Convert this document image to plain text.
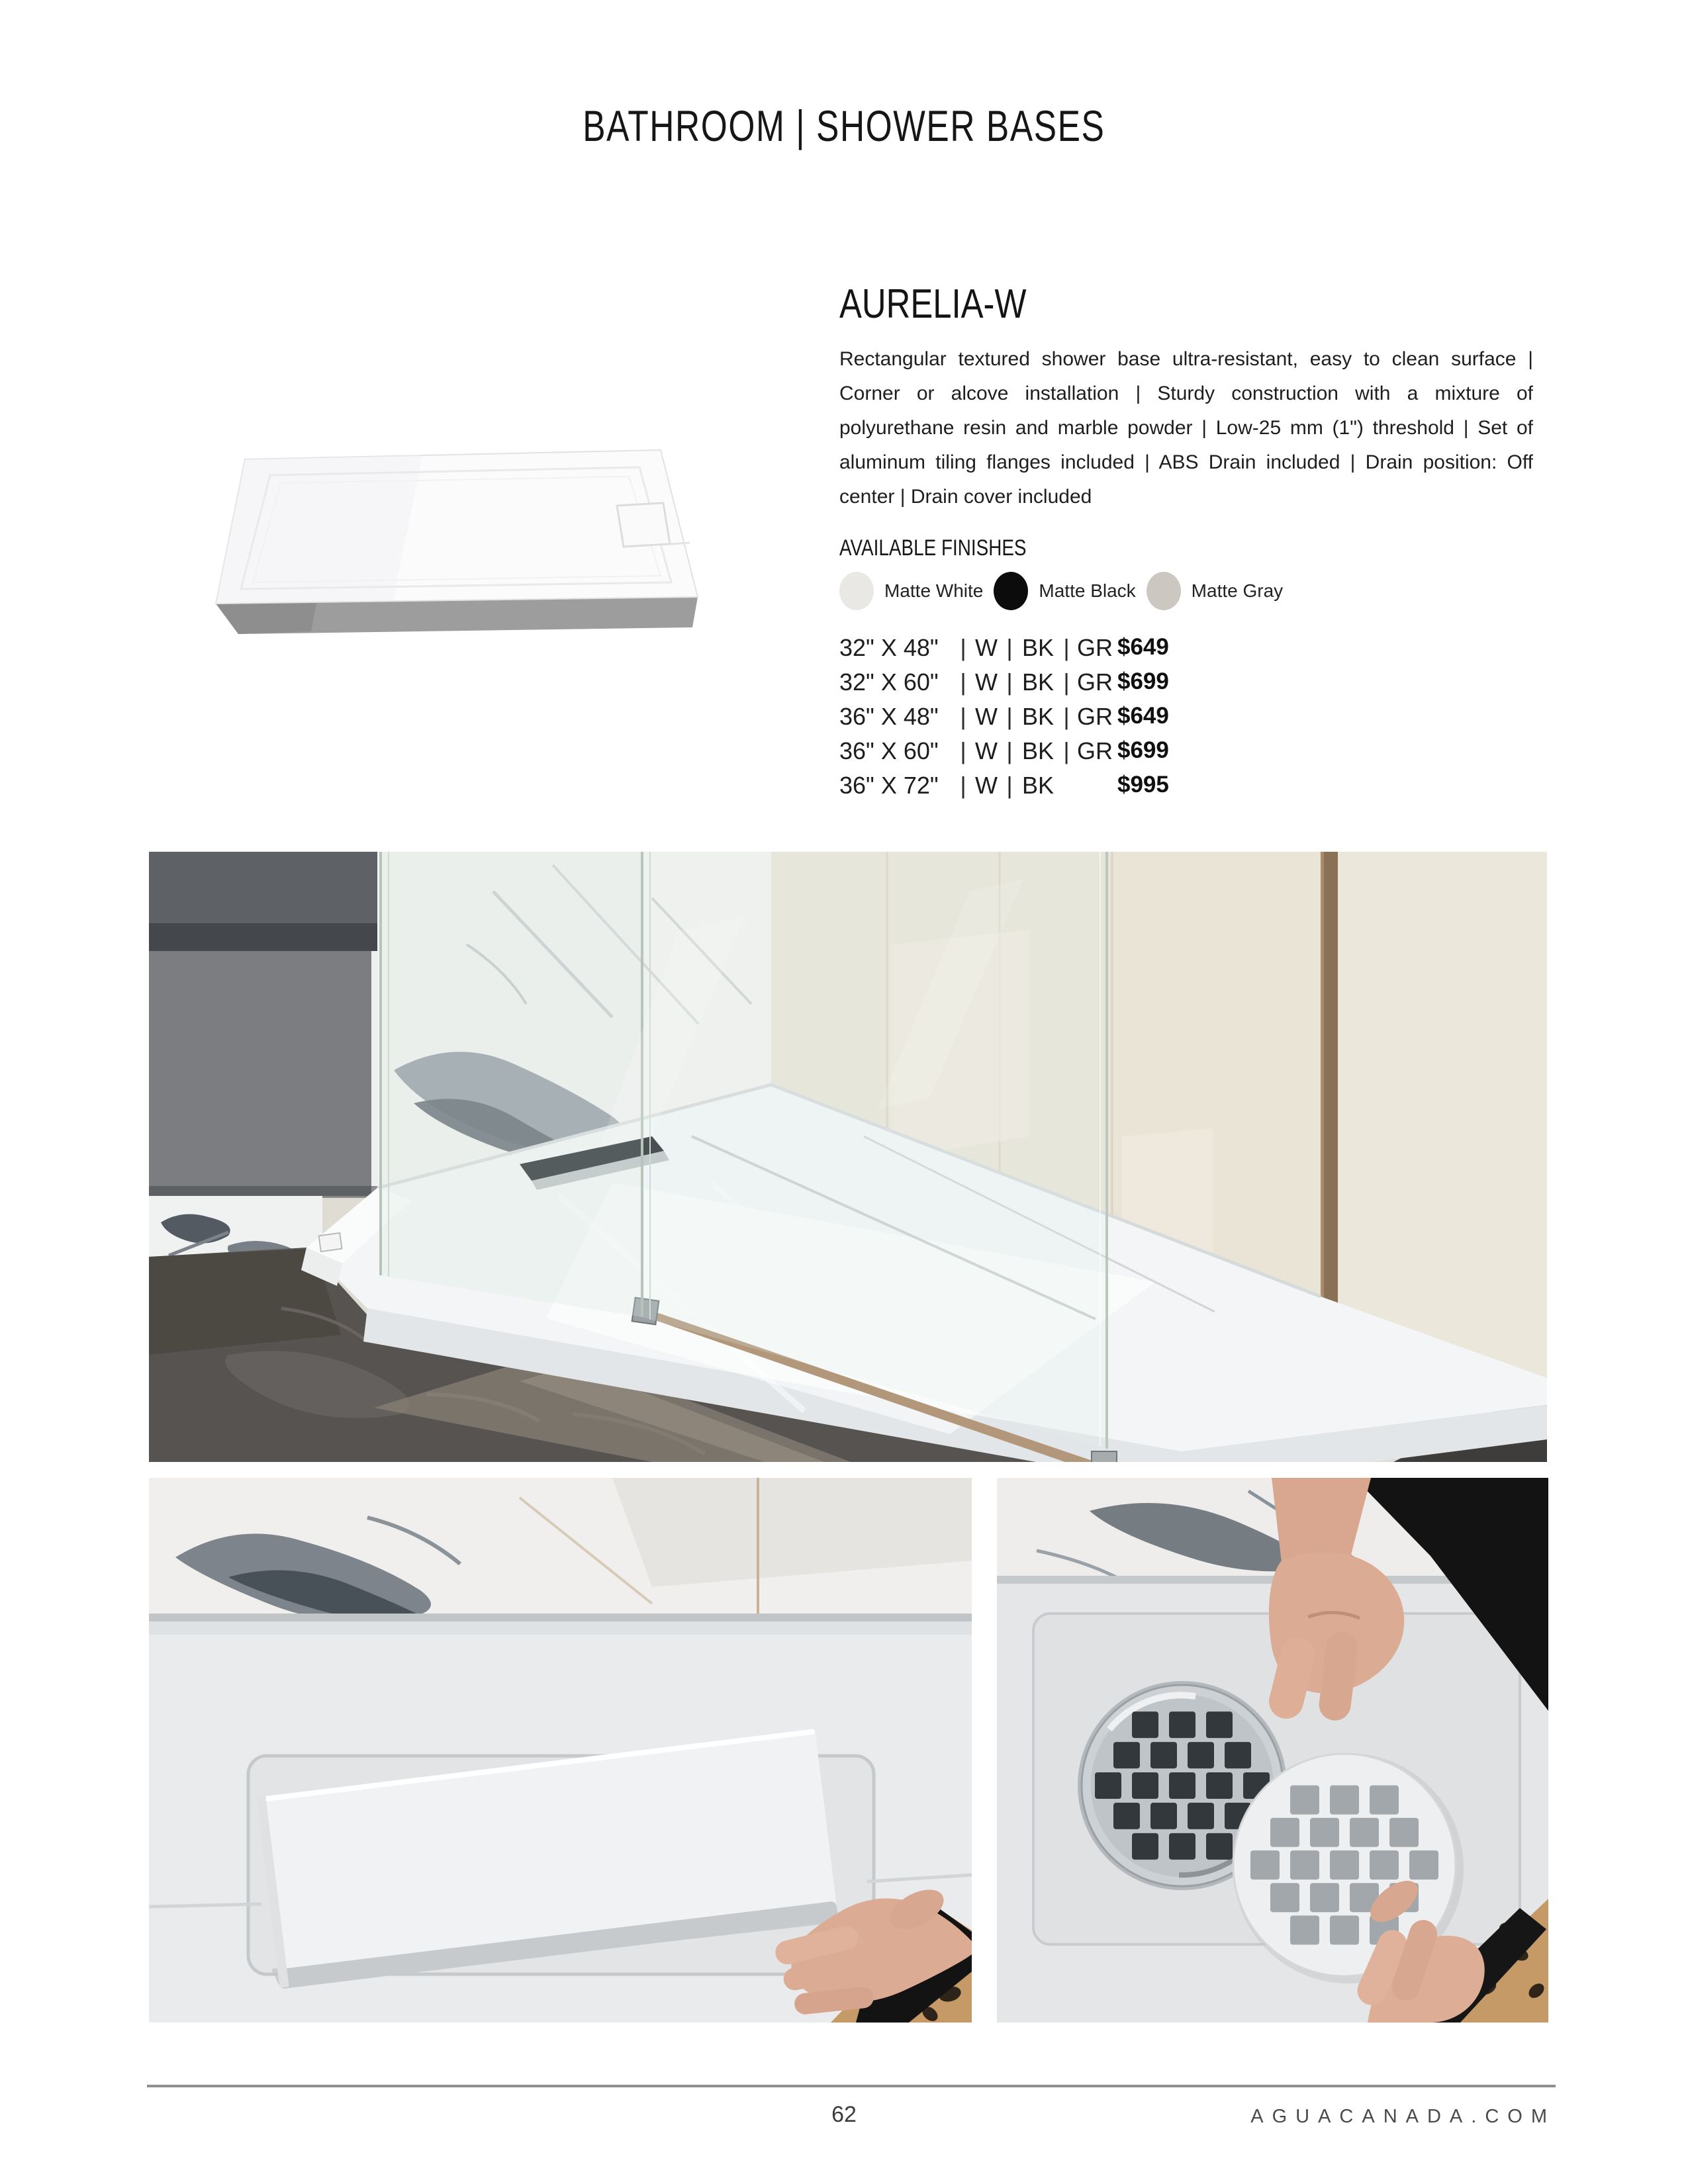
BATHROOM | SHOWER BASES
AURELIA-W

Rectangular textured shower base ultra-resistant, easy to clean surface | Corner or alcove installation | Sturdy construction with a mixture of polyurethane resin and marble powder | Low-25 mm (1") threshold | Set of aluminum tiling flanges included | ABS Drain included | Drain position: Off center | Drain cover included

AVAILABLE FINISHES
Matte White	Matte Black	Matte Gray
32" X 48" | W | BK | GR $649
32" X 60" | W | BK | GR $699
36" X 48" | W | BK | GR $649
36" X 60" | W | BK | GR $699
36" X 72" | W | BK	$995
62	AGUACANADA.COM
